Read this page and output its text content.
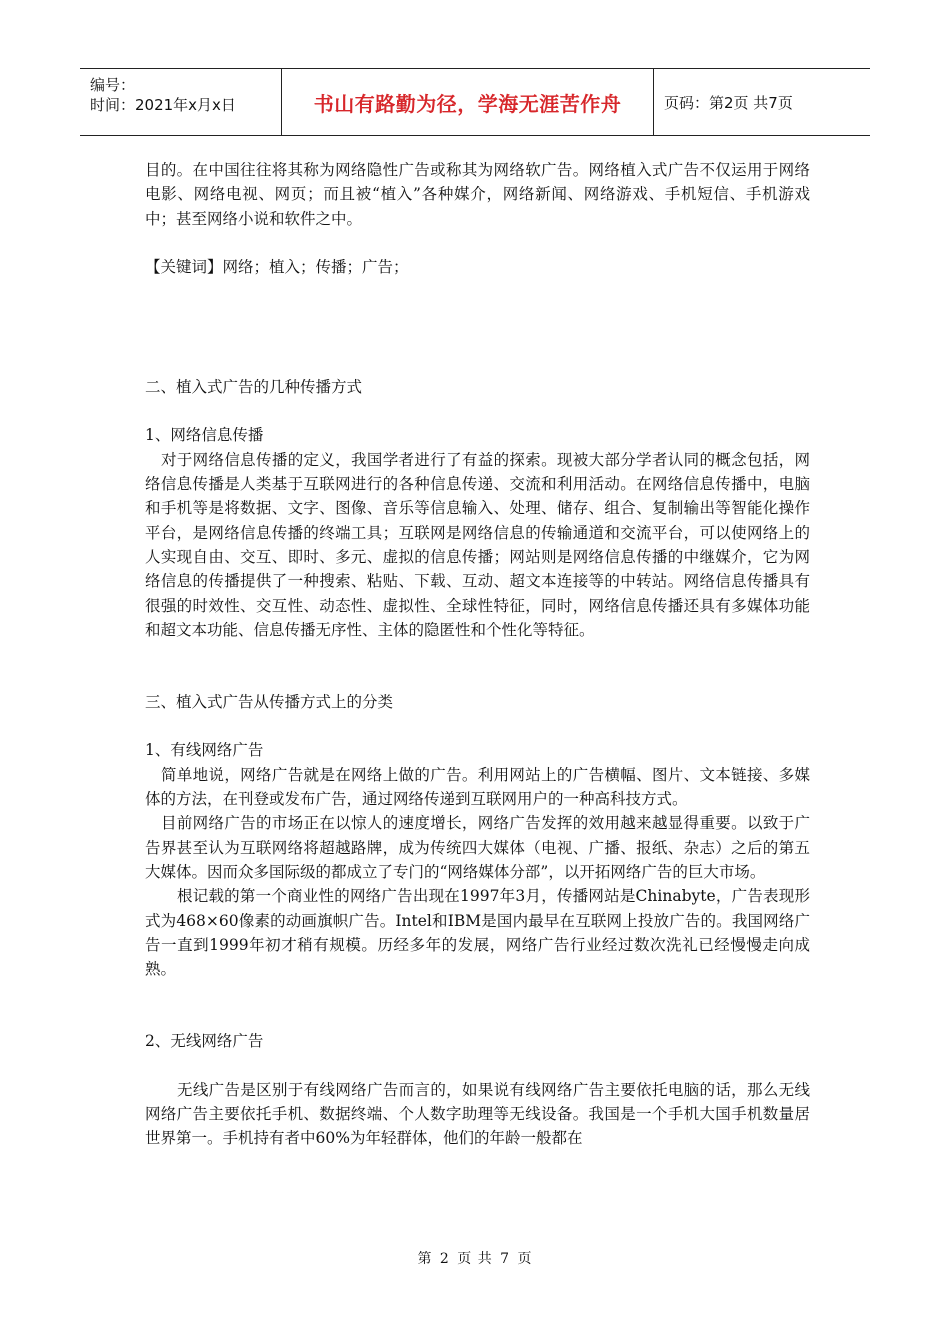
编号：
时间：2021年x月x日	书山有路勤为径，学海无涯苦作舟	页码：第2页 共7页

目的。在中国往往将其称为网络隐性广告或称其为网络软广告。网络植入式广告不仅运用于网络电影、网络电视、网页；而且被“植入”各种媒介，网络新闻、网络游戏、手机短信、手机游戏中；甚至网络小说和软件之中。

【关键词】网络；植入；传播；广告；

二、植入式广告的几种传播方式

1、网络信息传播

对于网络信息传播的定义，我国学者进行了有益的探索。现被大部分学者认同的概念包括，网络信息传播是人类基于互联网进行的各种信息传递、交流和利用活动。在网络信息传播中，电脑和手机等是将数据、文字、图像、音乐等信息输入、处理、储存、组合、复制输出等智能化操作平台，是网络信息传播的终端工具；互联网是网络信息的传输通道和交流平台，可以使网络上的人实现自由、交互、即时、多元、虚拟的信息传播；网站则是网络信息传播的中继媒介，它为网络信息的传播提供了一种搜索、粘贴、下载、互动、超文本连接等的中转站。网络信息传播具有很强的时效性、交互性、动态性、虚拟性、全球性特征，同时，网络信息传播还具有多媒体功能和超文本功能、信息传播无序性、主体的隐匿性和个性化等特征。

三、植入式广告从传播方式上的分类

1、有线网络广告

简单地说，网络广告就是在网络上做的广告。利用网站上的广告横幅、图片、文本链接、多媒体的方法，在刊登或发布广告，通过网络传递到互联网用户的一种高科技方式。

目前网络广告的市场正在以惊人的速度增长，网络广告发挥的效用越来越显得重要。以致于广告界甚至认为互联网络将超越路牌，成为传统四大媒体（电视、广播、报纸、杂志）之后的第五大媒体。因而众多国际级的都成立了专门的“网络媒体分部”，以开拓网络广告的巨大市场。

根记载的第一个商业性的网络广告出现在1997年3月，传播网站是Chinabyte，广告表现形式为468×60像素的动画旗帜广告。Intel和IBM是国内最早在互联网上投放广告的。我国网络广告一直到1999年初才稍有规模。历经多年的发展，网络广告行业经过数次洗礼已经慢慢走向成熟。

2、无线网络广告

无线广告是区别于有线网络广告而言的，如果说有线网络广告主要依托电脑的话，那么无线网络广告主要依托手机、数据终端、个人数字助理等无线设备。我国是一个手机大国手机数量居世界第一。手机持有者中60%为年轻群体，他们的年龄一般都在

第 2 页 共 7 页
